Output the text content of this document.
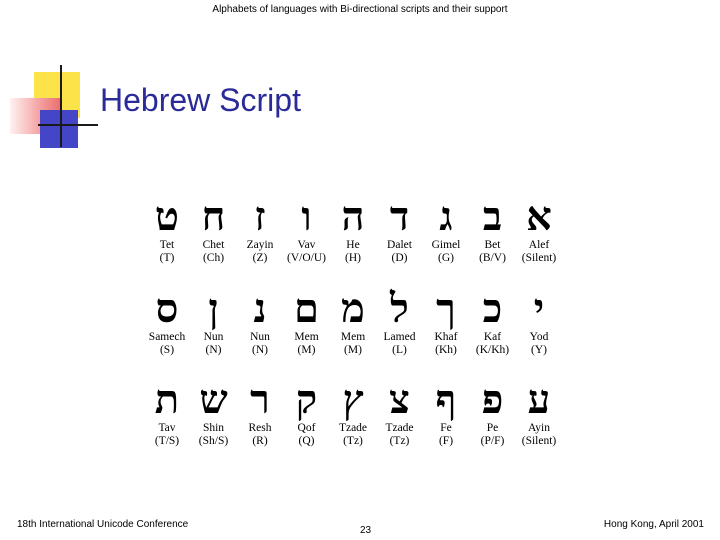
Alphabets of languages with Bi-directional scripts and their support
Hebrew Script
א
Alef
(Silent)
ב
Bet
(B/V)
ג
Gimel
(G)
ד
Dalet
(D)
ה
He
(H)
ו
Vav
(V/O/U)
ז
Zayin
(Z)
ח
Chet
(Ch)
ט
Tet
(T)
י
Yod
(Y)
כ
Kaf
(K/Kh)
ך
Khaf
(Kh)
ל
Lamed
(L)
מ
Mem
(M)
ם
Mem
(M)
נ
Nun
(N)
ן
Nun
(N)
ס
Samech
(S)
ע
Ayin
(Silent)
פ
Pe
(P/F)
ף
Fe
(F)
צ
Tzade
(Tz)
ץ
Tzade
(Tz)
ק
Qof
(Q)
ר
Resh
(R)
ש
Shin
(Sh/S)
ת
Tav
(T/S)
18th International Unicode Conference
23
Hong Kong, April 2001
